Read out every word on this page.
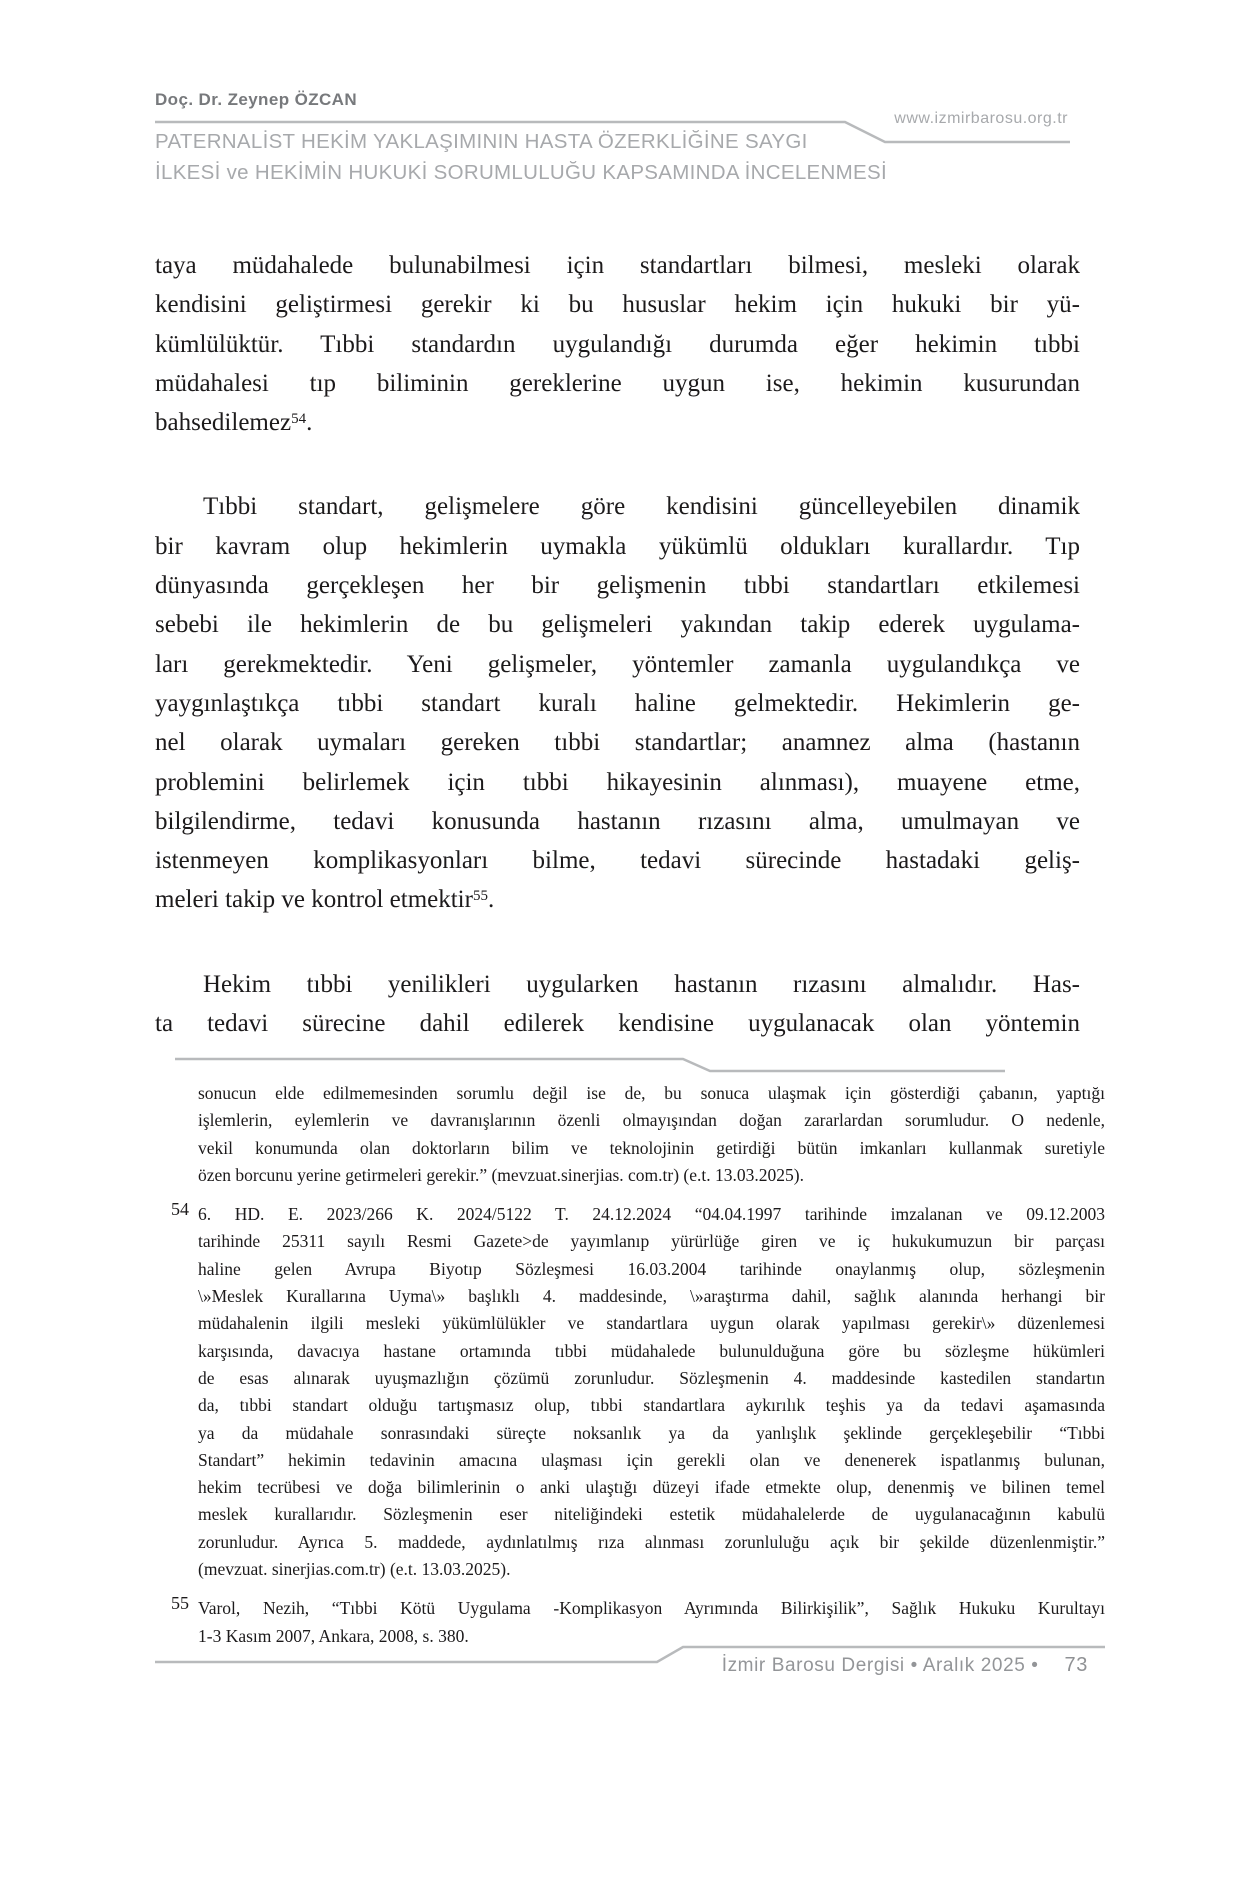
Doç. Dr. Zeynep ÖZCAN
www.izmirbarosu.org.tr
PATERNALİST HEKİM YAKLAŞIMININ HASTA ÖZERKLİĞİNE SAYGI
İLKESİ ve HEKİMİN HUKUKİ SORUMLULUĞU KAPSAMINDA İNCELENMESİ
taya müdahalede bulunabilmesi için standartları bilmesi, mesleki olarak
kendisini geliştirmesi gerekir ki bu hususlar hekim için hukuki bir yü-
kümlülüktür. Tıbbi standardın uygulandığı durumda eğer hekimin tıbbi
müdahalesi tıp biliminin gereklerine uygun ise, hekimin kusurundan
bahsedilemez$^{54}$.
Tıbbi standart, gelişmelere göre kendisini güncelleyebilen dinamik
bir kavram olup hekimlerin uymakla yükümlü oldukları kurallardır. Tıp
dünyasında gerçekleşen her bir gelişmenin tıbbi standartları etkilemesi
sebebi ile hekimlerin de bu gelişmeleri yakından takip ederek uygulama-
ları gerekmektedir. Yeni gelişmeler, yöntemler zamanla uygulandıkça ve
yaygınlaştıkça tıbbi standart kuralı haline gelmektedir. Hekimlerin ge-
nel olarak uymaları gereken tıbbi standartlar; anamnez alma (hastanın
problemini belirlemek için tıbbi hikayesinin alınması), muayene etme,
bilgilendirme, tedavi konusunda hastanın rızasını alma, umulmayan ve
istenmeyen komplikasyonları bilme, tedavi sürecinde hastadaki geliş-
meleri takip ve kontrol etmektir$^{55}$.
Hekim tıbbi yenilikleri uygularken hastanın rızasını almalıdır. Has-
ta tedavi sürecine dahil edilerek kendisine uygulanacak olan yöntemin
sonucun elde edilmemesinden sorumlu değil ise de, bu sonuca ulaşmak için gösterdiği çabanın, yaptığı
işlemlerin, eylemlerin ve davranışlarının özenli olmayışından doğan zararlardan sorumludur. O nedenle,
vekil konumunda olan doktorların bilim ve teknolojinin getirdiği bütün imkanları kullanmak suretiyle
özen borcunu yerine getirmeleri gerekir.” (mevzuat.sinerjias. com.tr) (e.t. 13.03.2025).
54 6. HD. E. 2023/266 K. 2024/5122 T. 24.12.2024 “04.04.1997 tarihinde imzalanan ve 09.12.2003
tarihinde 25311 sayılı Resmi Gazete>de yayımlanıp yürürlüğe giren ve iç hukukumuzun bir parçası
haline gelen Avrupa Biyotıp Sözleşmesi 16.03.2004 tarihinde onaylanmış olup, sözleşmenin
\»Meslek Kurallarına Uyma\» başlıklı 4. maddesinde, \»araştırma dahil, sağlık alanında herhangi bir
müdahalenin ilgili mesleki yükümlülükler ve standartlara uygun olarak yapılması gerekir\» düzenlemesi
karşısında, davacıya hastane ortamında tıbbi müdahalede bulunulduğuna göre bu sözleşme hükümleri
de esas alınarak uyuşmazlığın çözümü zorunludur. Sözleşmenin 4. maddesinde kastedilen standartın
da, tıbbi standart olduğu tartışmasız olup, tıbbi standartlara aykırılık teşhis ya da tedavi aşamasında
ya da müdahale sonrasındaki süreçte noksanlık ya da yanlışlık şeklinde gerçekleşebilir “Tıbbi
Standart” hekimin tedavinin amacına ulaşması için gerekli olan ve denenerek ispatlanmış bulunan,
hekim tecrübesi ve doğa bilimlerinin o anki ulaştığı düzeyi ifade etmekte olup, denenmiş ve bilinen temel
meslek kurallarıdır. Sözleşmenin eser niteliğindeki estetik müdahalelerde de uygulanacağının kabulü
zorunludur. Ayrıca 5. maddede, aydınlatılmış rıza alınması zorunluluğu açık bir şekilde düzenlenmiştir.”
(mevzuat. sinerjias.com.tr) (e.t. 13.03.2025).
55 Varol, Nezih, “Tıbbi Kötü Uygulama -Komplikasyon Ayrımında Bilirkişilik”, Sağlık Hukuku Kurultayı
1-3 Kasım 2007, Ankara, 2008, s. 380.
İzmir Barosu Dergisi • Aralık 2025 • 73
